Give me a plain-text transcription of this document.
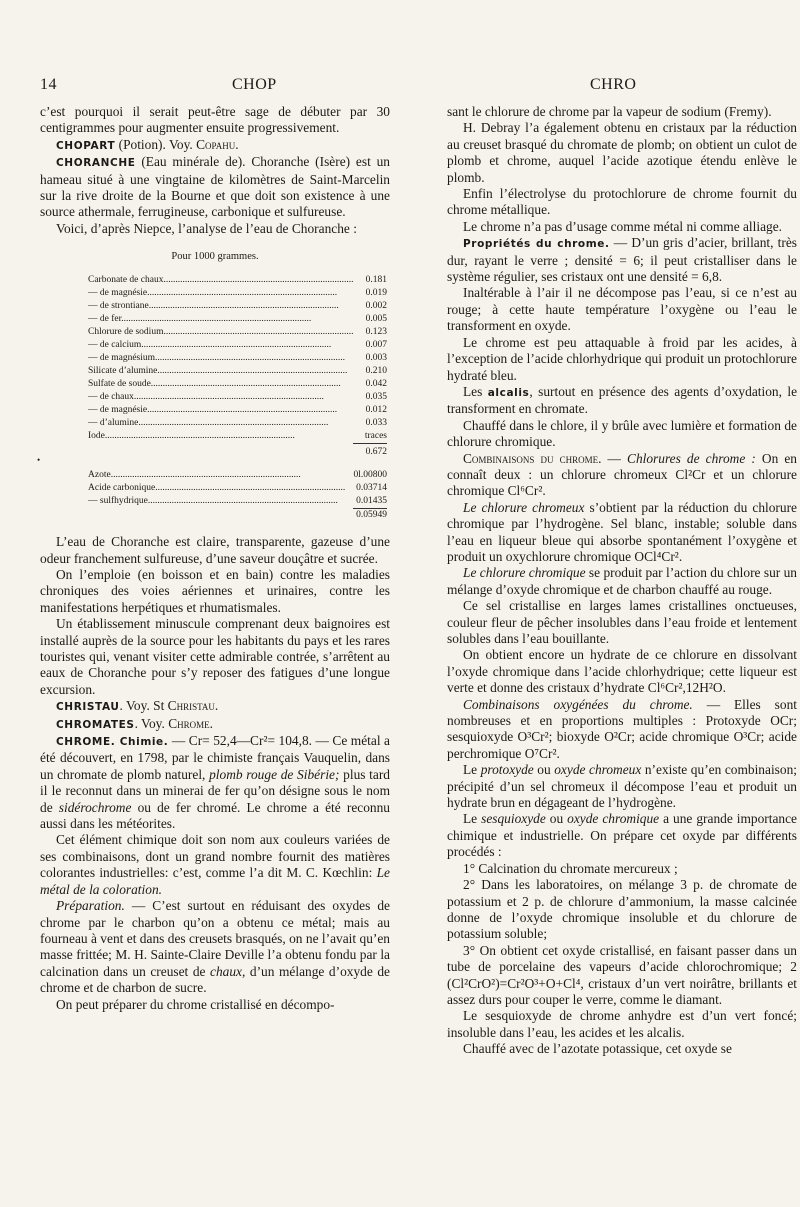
14	CHOP	CHRO
•

c’est pourquoi il serait peut-être sage de débuter par 30 centigrammes pour augmenter ensuite progressivement.

CHOPART (Potion). Voy. Copahu.

CHORANCHE (Eau minérale de). Choranche (Isère) est un hameau situé à une vingtaine de kilomètres de Saint-Marcelin sur la rive droite de la Bourne et que doit son existence à une source athermale, ferrugineuse, carbonique et sulfureuse.

Voici, d’après Niepce, l’analyse de l’eau de Choranche :

Pour 1000 grammes.
Carbonate de chaux................................................................................	0.181
— de magnésie................................................................................	0.019
— de strontiane................................................................................	0.002
— de fer................................................................................	0.005
Chlorure de sodium................................................................................	0.123
— de calcium................................................................................	0.007
— de magnésium................................................................................	0.003
Silicate d’alumine................................................................................	0.210
Sulfate de soude................................................................................	0.042
— de chaux................................................................................	0.035
— de magnésie................................................................................	0.012
— d’alumine................................................................................	0.033
Iode................................................................................	traces
	0.672

Azote................................................................................	0l.00800
Acide carbonique................................................................................	0.03714
— sulfhydrique................................................................................	0.01435
	0.05949

L’eau de Choranche est claire, transparente, gazeuse d’une odeur franchement sulfureuse, d’une saveur douçâtre et sucrée.

On l’emploie (en boisson et en bain) contre les maladies chroniques des voies aériennes et urinaires, contre les manifestations herpétiques et rhumatismales.

Un établissement minuscule comprenant deux baignoires est installé auprès de la source pour les habitants du pays et les rares touristes qui, venant visiter cette admirable contrée, s’arrêtent au eaux de Choranche pour s’y reposer des fatigues d’une longue excursion.

CHRISTAU. Voy. St Christau.

CHROMATES. Voy. Chrome.

CHROME. Chimie. — Cr= 52,4—Cr²= 104,8. — Ce métal a été découvert, en 1798, par le chimiste français Vauquelin, dans un chromate de plomb naturel, plomb rouge de Sibérie; plus tard il le reconnut dans un minerai de fer qu’on désigne sous le nom de sidérochrome ou de fer chromé. Le chrome a été reconnu aussi dans les météorites.

Cet élément chimique doit son nom aux couleurs variées de ses combinaisons, dont un grand nombre fournit des matières colorantes industrielles: c’est, comme l’a dit M. C. Kœchlin: Le métal de la coloration.

Préparation. — C’est surtout en réduisant des oxydes de chrome par le charbon qu’on a obtenu ce métal; mais au fourneau à vent et dans des creusets brasqués, on ne l’avait qu’en masse frittée; M. H. Sainte-Claire Deville l’a obtenu fondu par la calcination dans un creuset de chaux, d’un mélange d’oxyde de chrome et de charbon de sucre.

On peut préparer du chrome cristallisé en décompo-

sant le chlorure de chrome par la vapeur de sodium (Fremy).

H. Debray l’a également obtenu en cristaux par la réduction au creuset brasqué du chromate de plomb; on obtient un culot de plomb et chrome, auquel l’acide azotique étendu enlève le plomb.

Enfin l’électrolyse du protochlorure de chrome fournit du chrome métallique.

Le chrome n’a pas d’usage comme métal ni comme alliage.

Propriétés du chrome. — D’un gris d’acier, brillant, très dur, rayant le verre ; densité = 6; il peut cristalliser dans le système régulier, ses cristaux ont une densité = 6,8.

Inaltérable à l’air il ne décompose pas l’eau, si ce n’est au rouge; à cette haute température l’oxygène ou l’eau le transforment en oxyde.

Le chrome est peu attaquable à froid par les acides, à l’exception de l’acide chlorhydrique qui produit un protochlorure hydraté bleu.

Les alcalis, surtout en présence des agents d’oxydation, le transforment en chromate.

Chauffé dans le chlore, il y brûle avec lumière et formation de chlorure chromique.

Combinaisons du chrome. — Chlorures de chrome : On en connaît deux : un chlorure chromeux Cl²Cr et un chlorure chromique Cl⁶Cr².

Le chlorure chromeux s’obtient par la réduction du chlorure chromique par l’hydrogène. Sel blanc, instable; soluble dans l’eau en liqueur bleue qui absorbe spontanément l’oxygène et produit un oxychlorure chromique OCl⁴Cr².

Le chlorure chromique se produit par l’action du chlore sur un mélange d’oxyde chromique et de charbon chauffé au rouge.

Ce sel cristallise en larges lames cristallines onctueuses, couleur fleur de pêcher insolubles dans l’eau froide et lentement solubles dans l’eau bouillante.

On obtient encore un hydrate de ce chlorure en dissolvant l’oxyde chromique dans l’acide chlorhydrique; cette liqueur est verte et donne des cristaux d’hydrate Cl⁶Cr²,12H²O.

Combinaisons oxygénées du chrome. — Elles sont nombreuses et en proportions multiples : Protoxyde OCr; sesquioxyde O³Cr²; bioxyde O²Cr; acide chromique O³Cr; acide perchromique O⁷Cr².

Le protoxyde ou oxyde chromeux n’existe qu’en combinaison; précipité d’un sel chromeux il décompose l’eau et produit un hydrate brun en dégageant de l’hydrogène.

Le sesquioxyde ou oxyde chromique a une grande importance chimique et industrielle. On prépare cet oxyde par différents procédés :

1° Calcination du chromate mercureux ;

2° Dans les laboratoires, on mélange 3 p. de chromate de potassium et 2 p. de chlorure d’ammonium, la masse calcinée donne de l’oxyde chromique insoluble et du chlorure de potassium soluble;

3° On obtient cet oxyde cristallisé, en faisant passer dans un tube de porcelaine des vapeurs d’acide chlorochromique; 2 (Cl²CrO²)=Cr²O³+O+Cl⁴, cristaux d’un vert noirâtre, brillants et assez durs pour couper le verre, comme le diamant.

Le sesquioxyde de chrome anhydre est d’un vert foncé; insoluble dans l’eau, les acides et les alcalis.

Chauffé avec de l’azotate potassique, cet oxyde se
